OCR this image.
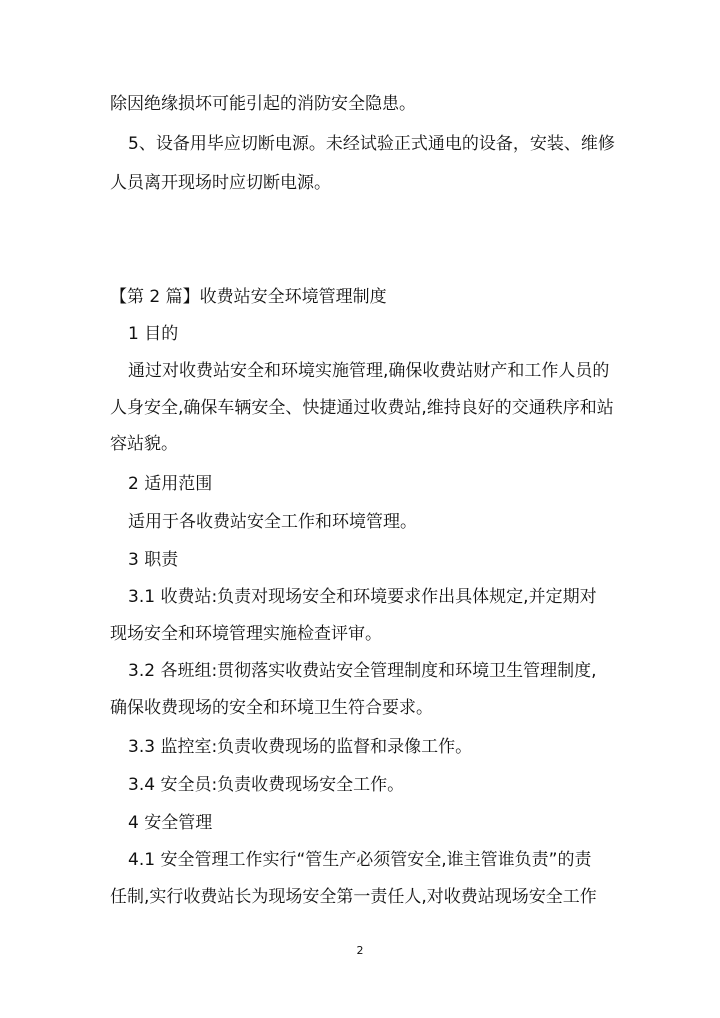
除因绝缘损坏可能引起的消防安全隐患。
5、设备用毕应切断电源。未经试验正式通电的设备，安装、维修
人员离开现场时应切断电源。
【第 2 篇】收费站安全环境管理制度
1 目的
通过对收费站安全和环境实施管理,确保收费站财产和工作人员的
人身安全,确保车辆安全、快捷通过收费站,维持良好的交通秩序和站
容站貌。
2 适用范围
适用于各收费站安全工作和环境管理。
3 职责
3.1 收费站:负责对现场安全和环境要求作出具体规定,并定期对
现场安全和环境管理实施检查评审。
3.2 各班组:贯彻落实收费站安全管理制度和环境卫生管理制度,
确保收费现场的安全和环境卫生符合要求。
3.3 监控室:负责收费现场的监督和录像工作。
3.4 安全员:负责收费现场安全工作。
4 安全管理
4.1 安全管理工作实行“管生产必须管安全,谁主管谁负责”的责
任制,实行收费站长为现场安全第一责任人,对收费站现场安全工作
2
